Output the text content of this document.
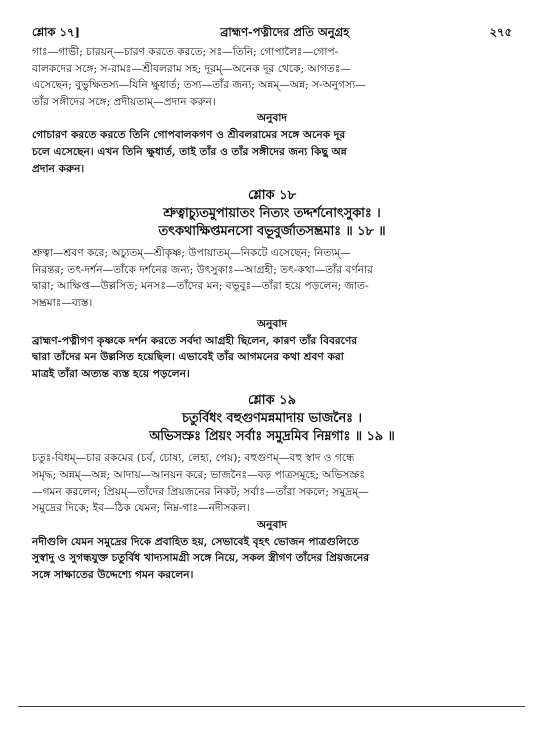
শ্লোক ১৭]	ব্রাহ্মণ-পত্নীদের প্রতি অনুগ্রহ	২৭৫

গাঃ—গাভী; চারয়ন্—চারণ করতে করতে; সঃ—তিনি; গোপালৈঃ—গোপ-

বালকদের সঙ্গে; স-রামঃ—শ্রীবলরাম সহ; দূরম্—অনেক দূর থেকে; আগতঃ—

এসেছেন; বুভুক্ষিতস্য—যিনি ক্ষুধার্ত; তস্য—তাঁর জন্য; অন্নম্—অন্ন; স-অনুগস্য—

তাঁর সঙ্গীদের সঙ্গে; প্রদীয়তাম্—প্রদান করুন।

অনুবাদ

গোচারণ করতে করতে তিনি গোপবালকগণ ও শ্রীবলরামের সঙ্গে অনেক দূর

চলে এসেছেন। এখন তিনি ক্ষুধার্ত, তাই তাঁর ও তাঁর সঙ্গীদের জন্য কিছু অন্ন

প্রদান করুন।

শ্লোক ১৮
শ্রুত্বাচ্যুতমুপায়াতং নিত্যং তদ্দর্শনোৎসুকাঃ ।
তৎকথাক্ষিপ্তমনসো বভূবুর্জাতসম্ভ্রমাঃ ॥ ১৮ ॥

শ্রুত্বা—শ্রবণ করে; অচ্যুতম্—শ্রীকৃষ্ণ; উপায়াতম্—নিকটে এসেছেন; নিত্যম্—

নিরন্তর; তৎ-দর্শন—তাঁকে দর্শনের জন্য; উৎসুকাঃ—আগ্রহী; তৎ-কথা—তাঁর বর্ণনার

দ্বারা; আক্ষিপ্ত—উল্লসিত; মনসঃ—তাঁদের মন; বভূবুঃ—তাঁরা হয়ে পড়লেন; জাত-

সম্ভ্রমাঃ—ব্যস্ত।

অনুবাদ

ব্রাহ্মণ-পত্নীগণ কৃষ্ণকে দর্শন করতে সর্বদা আগ্রহী ছিলেন, কারণ তাঁর বিবরণের

দ্বারা তাঁদের মন উল্লসিত হয়েছিল। এভাবেই তাঁর আগমনের কথা শ্রবণ করা

মাত্রই তাঁরা অত্যন্ত ব্যস্ত হয়ে পড়লেন।

শ্লোক ১৯
চতুর্বিধং বহুগুণমন্নমাদায় ভাজনৈঃ ।
অভিসস্রুঃ প্রিয়ং সর্বাঃ সমুদ্রমিব নিম্নগাঃ ॥ ১৯ ॥

চতুঃ-বিধম্—চার রকমের (চর্ব, চোষ্য, লেহ্য, পেয়); বহুগুণম্—বহু স্বাদ ও গন্ধে

সমৃদ্ধ; অন্নম্—অন্ন; আদায়—আনয়ন করে; ভাজনৈঃ—বড় পাত্রসমূহে; অভিসস্রুঃ

—গমন করলেন; প্রিয়ম্—তাঁদের প্রিয়জনের নিকট; সর্বাঃ—তাঁরা সকলে; সমুদ্রম্—

সমুদ্রের দিকে; ইব—ঠিক যেমন; নিম্ন-গাঃ—নদীসকল।

অনুবাদ

নদীগুলি যেমন সমুদ্রের দিকে প্রবাহিত হয়, সেভাবেই বৃহৎ ভোজন পাত্রগুলিতে

সুস্বাদু ও সুগন্ধযুক্ত চতুর্বিধ খাদ্যসামগ্রী সঙ্গে নিয়ে, সকল স্ত্রীগণ তাঁদের প্রিয়জনের

সঙ্গে সাক্ষাতের উদ্দেশ্যে গমন করলেন।
